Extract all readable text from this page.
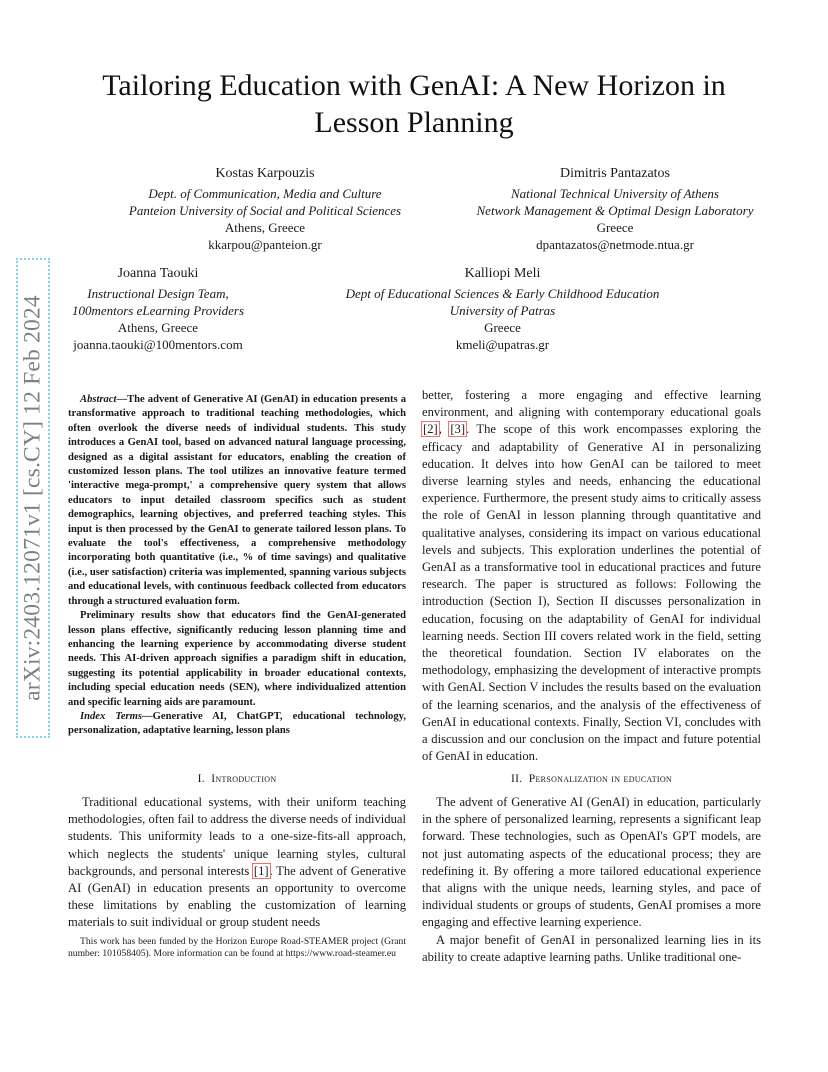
Tailoring Education with GenAI: A New Horizon in
Lesson Planning
Kostas Karpouzis
Dept. of Communication, Media and Culture
Panteion University of Social and Political Sciences
Athens, Greece
kkarpou@panteion.gr
Dimitris Pantazatos
National Technical University of Athens
Network Management & Optimal Design Laboratory
Greece
dpantazatos@netmode.ntua.gr
Joanna Taouki
Instructional Design Team,
100mentors eLearning Providers
Athens, Greece
joanna.taouki@100mentors.com
Kalliopi Meli
Dept of Educational Sciences & Early Childhood Education
University of Patras
Greece
kmeli@upatras.gr
arXiv:2403.12071v1 [cs.CY] 12 Feb 2024	Abstract—The advent of Generative AI (GenAI) in education presents a transformative approach to traditional teaching methodologies, which often overlook the diverse needs of individual students. This study introduces a GenAI tool, based on advanced natural language processing, designed as a digital assistant for educators, enabling the creation of customized lesson plans. The tool utilizes an innovative feature termed 'interactive mega-prompt,' a comprehensive query system that allows educators to input detailed classroom specifics such as student demographics, learning objectives, and preferred teaching styles. This input is then processed by the GenAI to generate tailored lesson plans. To evaluate the tool's effectiveness, a comprehensive methodology incorporating both quantitative (i.e., % of time savings) and qualitative (i.e., user satisfaction) criteria was implemented, spanning various subjects and educational levels, with continuous feedback collected from educators through a structured evaluation form.

Preliminary results show that educators find the GenAI-generated lesson plans effective, significantly reducing lesson planning time and enhancing the learning experience by accommodating diverse student needs. This AI-driven approach signifies a paradigm shift in education, suggesting its potential applicability in broader educational contexts, including special education needs (SEN), where individualized attention and specific learning aids are paramount.

Index Terms—Generative AI, ChatGPT, educational technology, personalization, adaptative learning, lesson plans

I. Introduction

Traditional educational systems, with their uniform teaching methodologies, often fail to address the diverse needs of individual students. This uniformity leads to a one-size-fits-all approach, which neglects the students' unique learning styles, cultural backgrounds, and personal interests [1]. The advent of Generative AI (GenAI) in education presents an opportunity to overcome these limitations by enabling the customization of learning materials to suit individual or group student needs

This work has been funded by the Horizon Europe Road-STEAMER project (Grant number: 101058405). More information can be found at https://www.road-steamer.eu

better, fostering a more engaging and effective learning environment, and aligning with contemporary educational goals [2], [3]. The scope of this work encompasses exploring the efficacy and adaptability of Generative AI in personalizing education. It delves into how GenAI can be tailored to meet diverse learning styles and needs, enhancing the educational experience. Furthermore, the present study aims to critically assess the role of GenAI in lesson planning through quantitative and qualitative analyses, considering its impact on various educational levels and subjects. This exploration underlines the potential of GenAI as a transformative tool in educational practices and future research. The paper is structured as follows: Following the introduction (Section I), Section II discusses personalization in education, focusing on the adaptability of GenAI for individual learning needs. Section III covers related work in the field, setting the theoretical foundation. Section IV elaborates on the methodology, emphasizing the development of interactive prompts with GenAI. Section V includes the results based on the evaluation of the learning scenarios, and the analysis of the effectiveness of GenAI in educational contexts. Finally, Section VI, concludes with a discussion and our conclusion on the impact and future potential of GenAI in education.

II. Personalization in education

The advent of Generative AI (GenAI) in education, particularly in the sphere of personalized learning, represents a significant leap forward. These technologies, such as OpenAI's GPT models, are not just automating aspects of the educational process; they are redefining it. By offering a more tailored educational experience that aligns with the unique needs, learning styles, and pace of individual students or groups of students, GenAI promises a more engaging and effective learning experience.

A major benefit of GenAI in personalized learning lies in its ability to create adaptive learning paths. Unlike traditional one-
